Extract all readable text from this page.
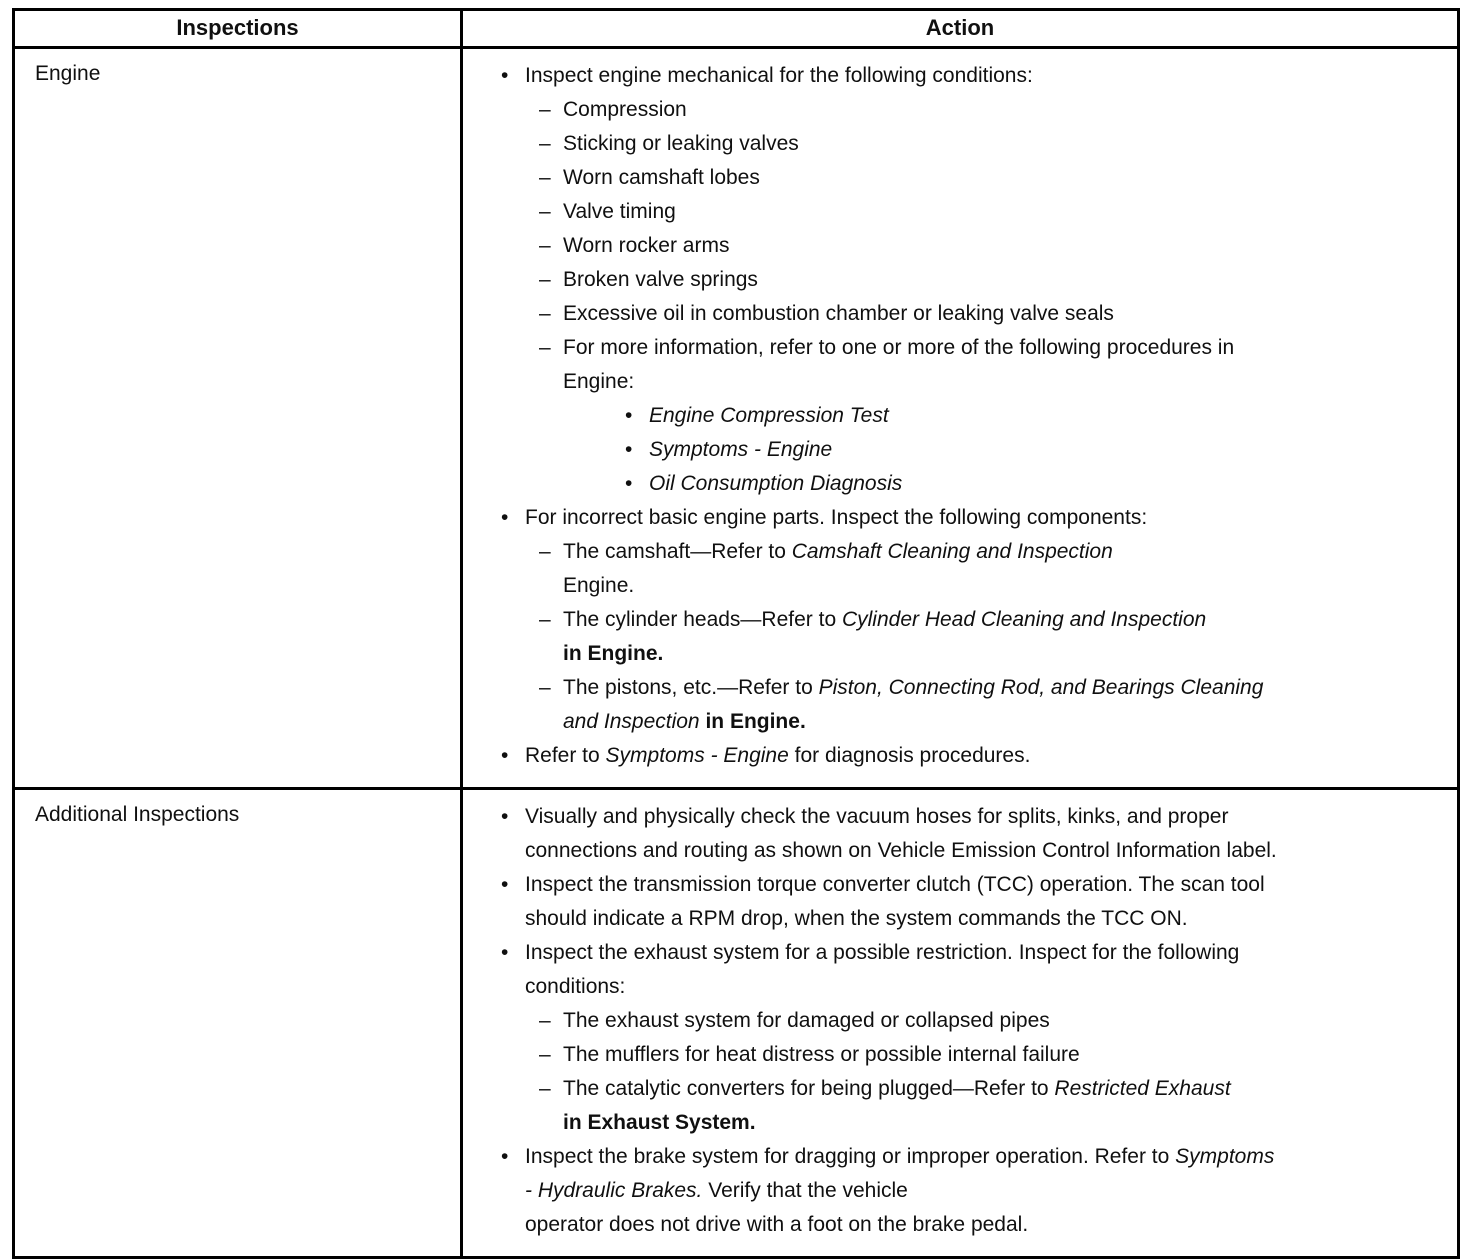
Inspections	Action
Engine	• Inspect engine mechanical for the following conditions:
– Compression
– Sticking or leaking valves
– Worn camshaft lobes
– Valve timing
– Worn rocker arms
– Broken valve springs
– Excessive oil in combustion chamber or leaking valve seals
– For more information, refer to one or more of the following procedures in
Engine:
• Engine Compression Test
• Symptoms - Engine
• Oil Consumption Diagnosis
• For incorrect basic engine parts. Inspect the following components:
– The camshaft—Refer to Camshaft Cleaning and Inspection
Engine.
– The cylinder heads—Refer to Cylinder Head Cleaning and Inspection
in Engine.
– The pistons, etc.—Refer to Piston, Connecting Rod, and Bearings Cleaning
and Inspection in Engine.
• Refer to Symptoms - Engine for diagnosis procedures.
Additional Inspections	• Visually and physically check the vacuum hoses for splits, kinks, and proper
connections and routing as shown on Vehicle Emission Control Information label.
• Inspect the transmission torque converter clutch (TCC) operation. The scan tool
should indicate a RPM drop, when the system commands the TCC ON.
• Inspect the exhaust system for a possible restriction. Inspect for the following
conditions:
– The exhaust system for damaged or collapsed pipes
– The mufflers for heat distress or possible internal failure
– The catalytic converters for being plugged—Refer to Restricted Exhaust
in Exhaust System.
• Inspect the brake system for dragging or improper operation. Refer to Symptoms
- Hydraulic Brakes. Verify that the vehicle
operator does not drive with a foot on the brake pedal.
